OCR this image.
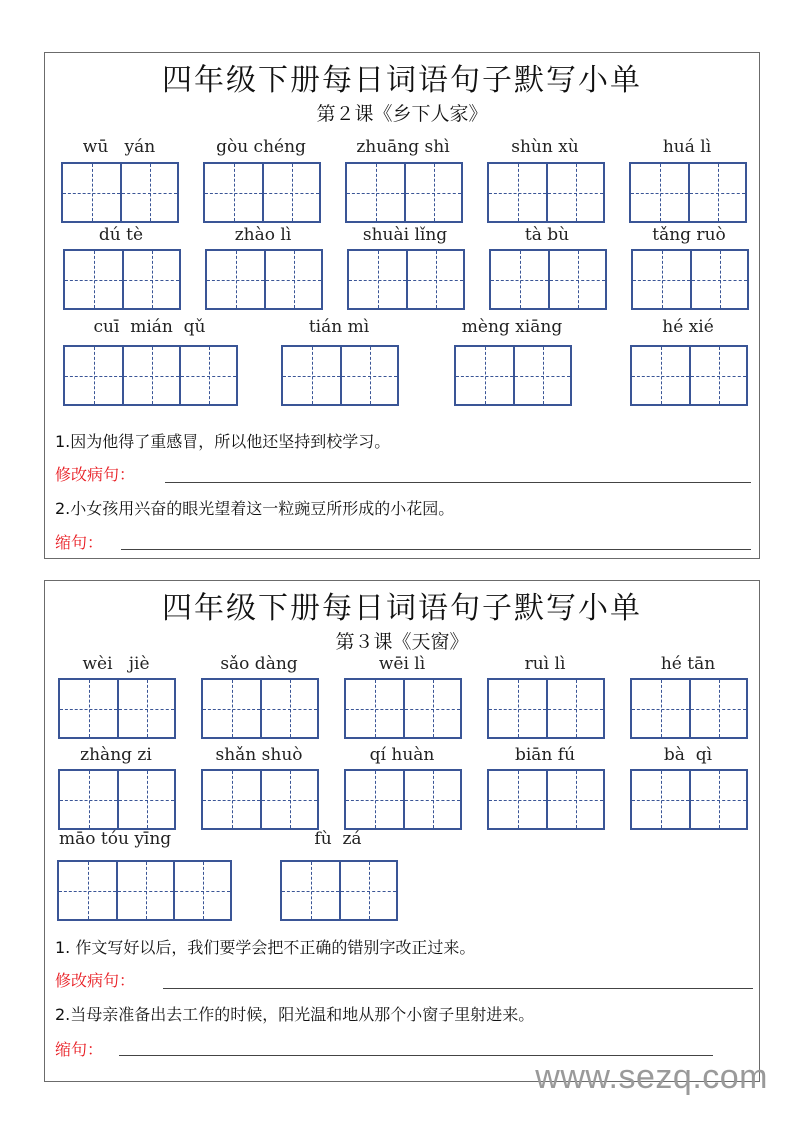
四年级下册每日词语句子默写小单
第２课《乡下人家》
wū   yán	gòu chéng	zhuāng shì	shùn xù	huá lì
dú tè	zhào lì	shuài lǐng	tà bù	tǎng ruò
cuī  mián  qǔ	tián mì	mèng xiāng	hé xié
1.因为他得了重感冒，所以他还坚持到校学习。
修改病句：
2.小女孩用兴奋的眼光望着这一粒豌豆所形成的小花园。
缩句：
四年级下册每日词语句子默写小单
第３课《天窗》
wèi   jiè	sǎo dàng	wēi lì	ruì lì	hé tān
zhàng zi	shǎn shuò	qí huàn	biān fú	bà  qì
māo tóu yīng	fù  zá
1. 作文写好以后，我们要学会把不正确的错别字改正过来。
修改病句：
2.当母亲准备出去工作的时候，阳光温和地从那个小窗子里射进来。
缩句：
www.sezq.com
